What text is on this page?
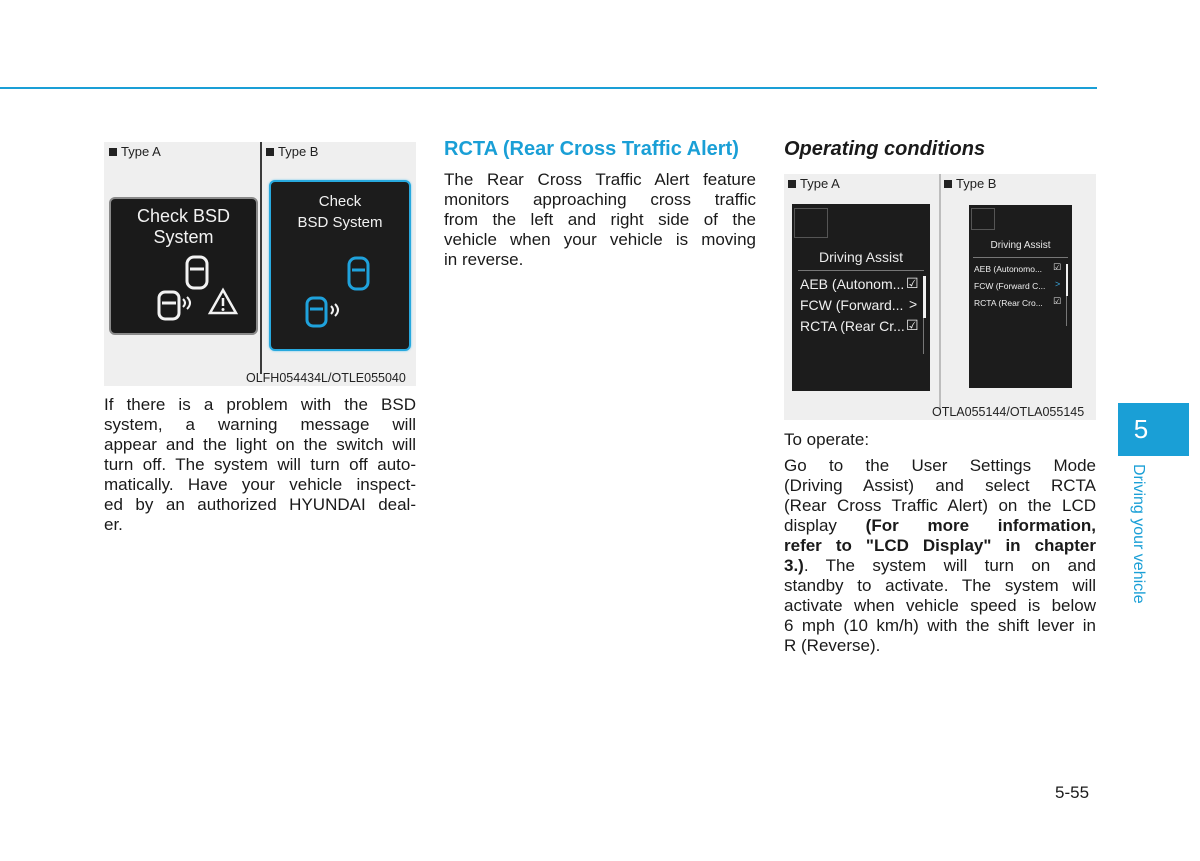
Type A	Type B
Check BSD
System
Check
BSD System
OLFH054434L/OTLE055040
If there is a problem with the BSD
system, a warning message will
appear and the light on the switch will
turn off. The system will turn off auto-
matically. Have your vehicle inspect-
ed by an authorized HYUNDAI deal-
er.
RCTA (Rear Cross Traffic Alert)
The Rear Cross Traffic Alert feature
monitors approaching cross traffic
from the left and right side of the
vehicle when your vehicle is moving
in reverse.
Operating conditions
Type A	Type B
Driving Assist
AEB (Autonom... ☑
FCW (Forward... >
RCTA (Rear Cr... ☑
Driving Assist
AEB (Autonomo... ☑
FCW (Forward C... >
RCTA (Rear Cro... ☑
OTLA055144/OTLA055145
To operate:
Go to the User Settings Mode
(Driving Assist) and select RCTA
(Rear Cross Traffic Alert) on the LCD
display (For more information,
refer to "LCD Display" in chapter
3.). The system will turn on and
standby to activate. The system will
activate when vehicle speed is below
6 mph (10 km/h) with the shift lever in
R (Reverse).
5
Driving your vehicle
5-55
